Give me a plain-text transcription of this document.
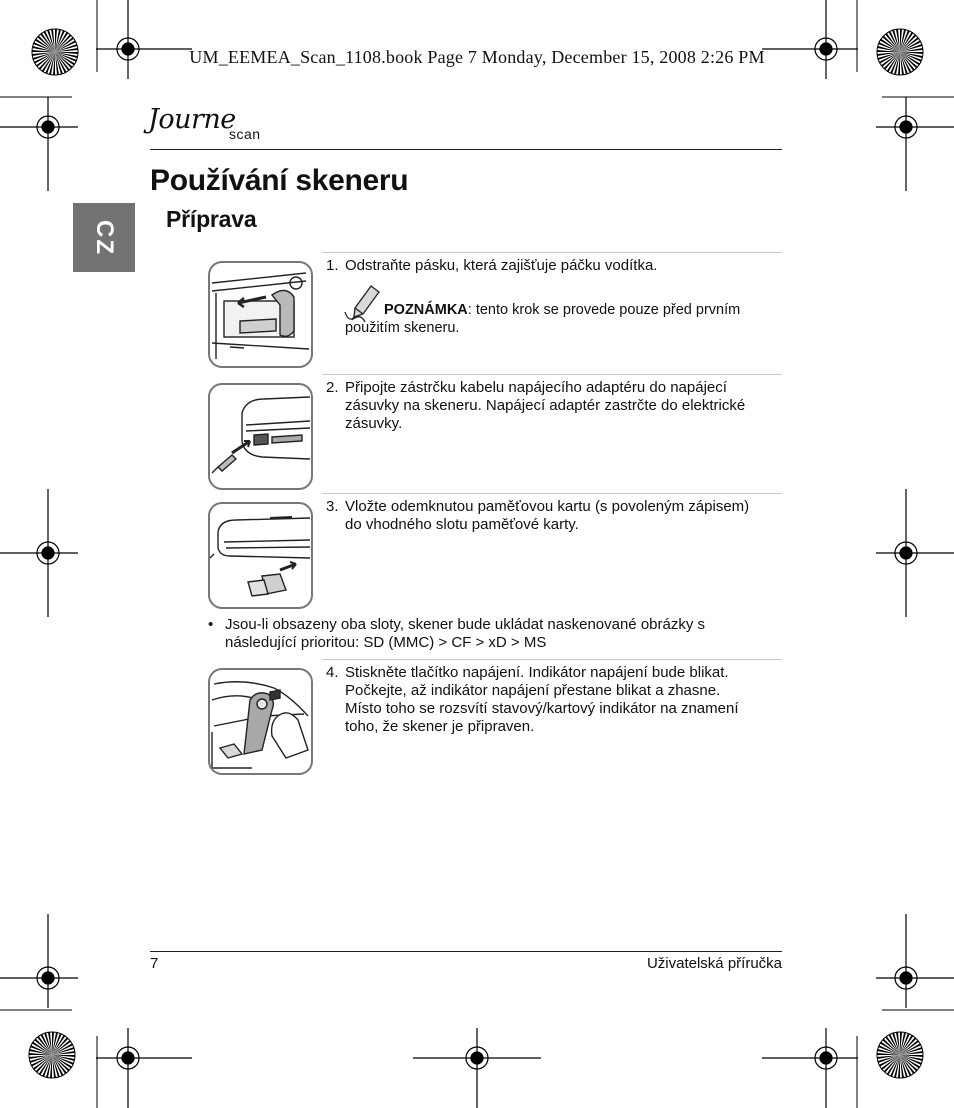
UM_EEMEA_Scan_1108.book Page 7 Monday, December 15, 2008 2:26 PM
Journe
scan
CZ
Používání skeneru
Příprava
1. Odstraňte pásku, která zajišťuje páčku vodítka.
POZNÁMKA: tento krok se provede pouze před prvním
použitím skeneru.
2. Připojte zástrčku kabelu napájecího adaptéru do napájecí
zásuvky na skeneru. Napájecí adaptér zastrčte do elektrické
zásuvky.
3. Vložte odemknutou paměťovou kartu (s povoleným zápisem)
do vhodného slotu paměťové karty.
• Jsou-li obsazeny oba sloty, skener bude ukládat naskenované obrázky s
následující prioritou: SD (MMC) > CF > xD > MS
4. Stiskněte tlačítko napájení. Indikátor napájení bude blikat.
Počkejte, až indikátor napájení přestane blikat a zhasne.
Místo toho se rozsvítí stavový/kartový indikátor na znamení
toho, že skener je připraven.
7	Uživatelská příručka
